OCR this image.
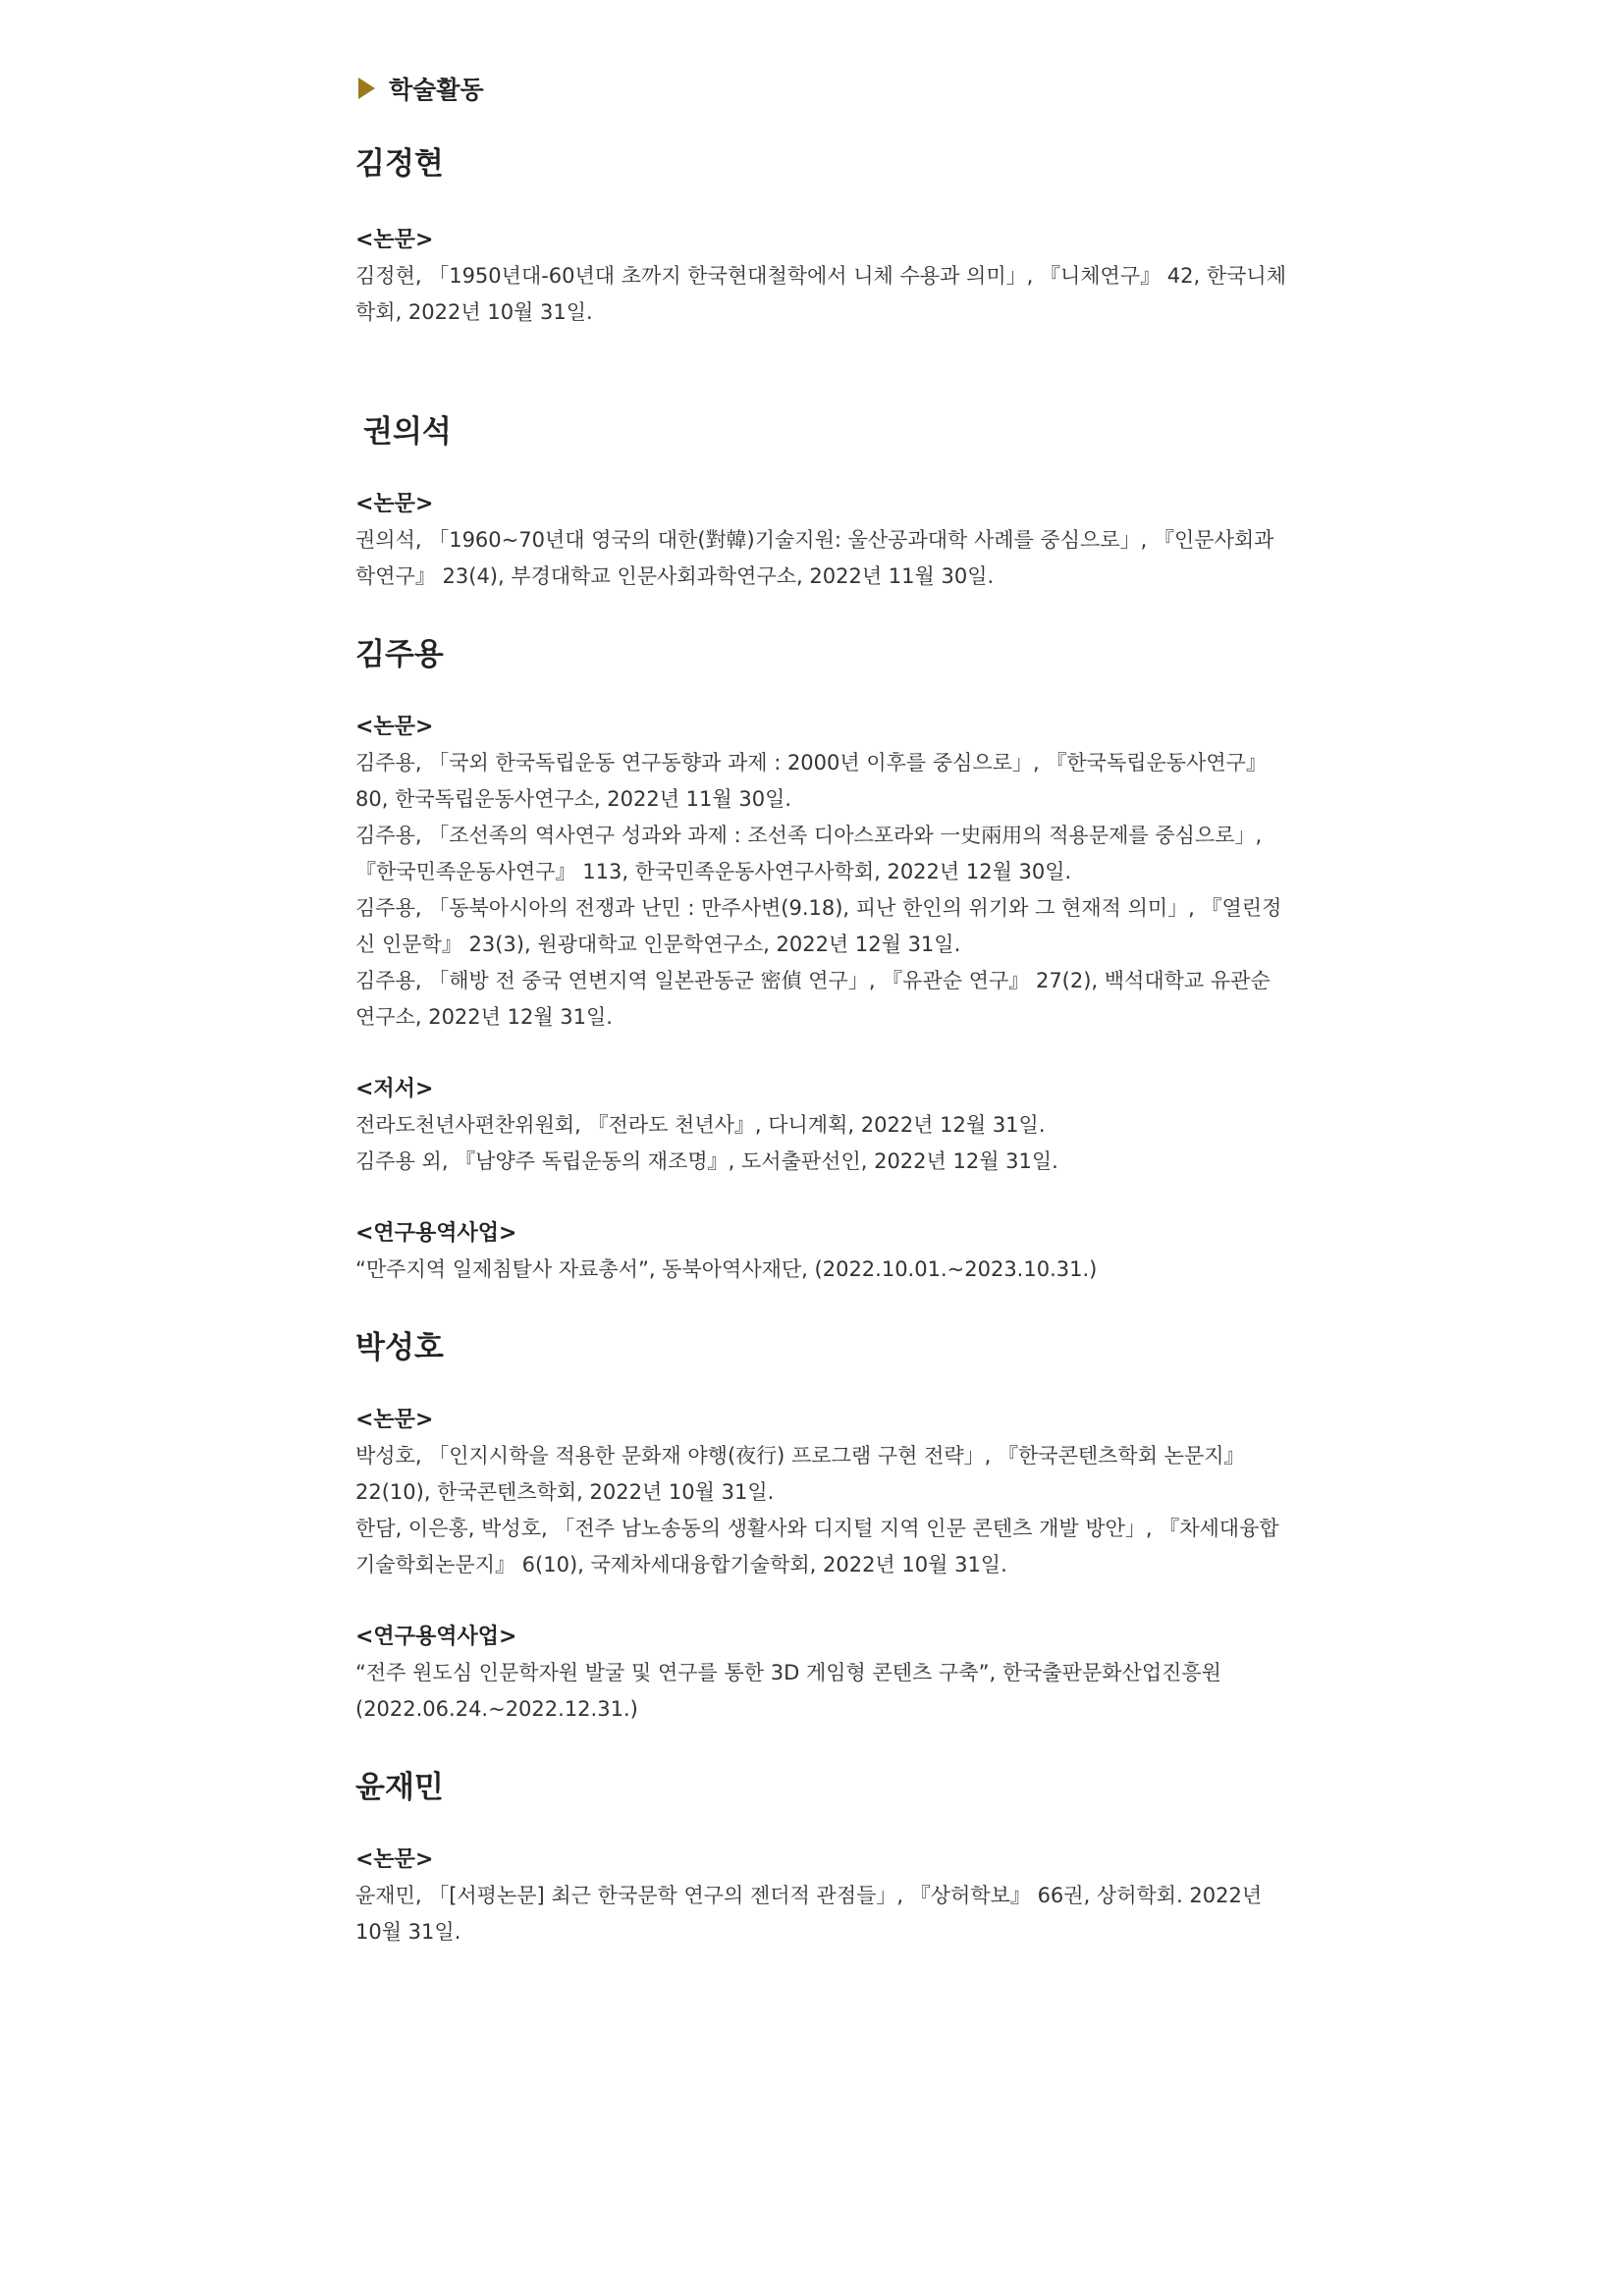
학술활동
김정현
<논문>
김정현, 「1950년대-60년대 초까지 한국현대철학에서 니체 수용과 의미」, 『니체연구』 42, 한국니체학회, 2022년 10월 31일.
권의석
<논문>
권의석, 「1960~70년대 영국의 대한(對韓)기술지원: 울산공과대학 사례를 중심으로」, 『인문사회과학연구』 23(4), 부경대학교 인문사회과학연구소, 2022년 11월 30일.
김주용
<논문>
김주용, 「국외 한국독립운동 연구동향과 과제 : 2000년 이후를 중심으로」, 『한국독립운동사연구』 80, 한국독립운동사연구소, 2022년 11월 30일.
김주용, 「조선족의 역사연구 성과와 과제 : 조선족 디아스포라와 一史兩用의 적용문제를 중심으로」, 『한국민족운동사연구』 113, 한국민족운동사연구사학회, 2022년 12월 30일.
김주용, 「동북아시아의 전쟁과 난민 : 만주사변(9.18), 피난 한인의 위기와 그 현재적 의미」, 『열린정신 인문학』 23(3), 원광대학교 인문학연구소, 2022년 12월 31일.
김주용, 「해방 전 중국 연변지역 일본관동군 密偵 연구」, 『유관순 연구』 27(2), 백석대학교 유관순연구소, 2022년 12월 31일.
<저서>
전라도천년사편찬위원회, 『전라도 천년사』, 다니계획, 2022년 12월 31일.
김주용 외, 『남양주 독립운동의 재조명』, 도서출판선인, 2022년 12월 31일.
<연구용역사업>
“만주지역 일제침탈사 자료총서”, 동북아역사재단, (2022.10.01.~2023.10.31.)
박성호
<논문>
박성호, 「인지시학을 적용한 문화재 야행(夜行) 프로그램 구현 전략」, 『한국콘텐츠학회 논문지』 22(10), 한국콘텐츠학회, 2022년 10월 31일.
한담, 이은홍, 박성호, 「전주 남노송동의 생활사와 디지털 지역 인문 콘텐츠 개발 방안」, 『차세대융합기술학회논문지』 6(10), 국제차세대융합기술학회, 2022년 10월 31일.
<연구용역사업>
“전주 원도심 인문학자원 발굴 및 연구를 통한 3D 게임형 콘텐츠 구축”, 한국출판문화산업진흥원 (2022.06.24.~2022.12.31.)
윤재민
<논문>
윤재민, 「[서평논문] 최근 한국문학 연구의 젠더적 관점들」, 『상허학보』 66권, 상허학회. 2022년 10월 31일.
